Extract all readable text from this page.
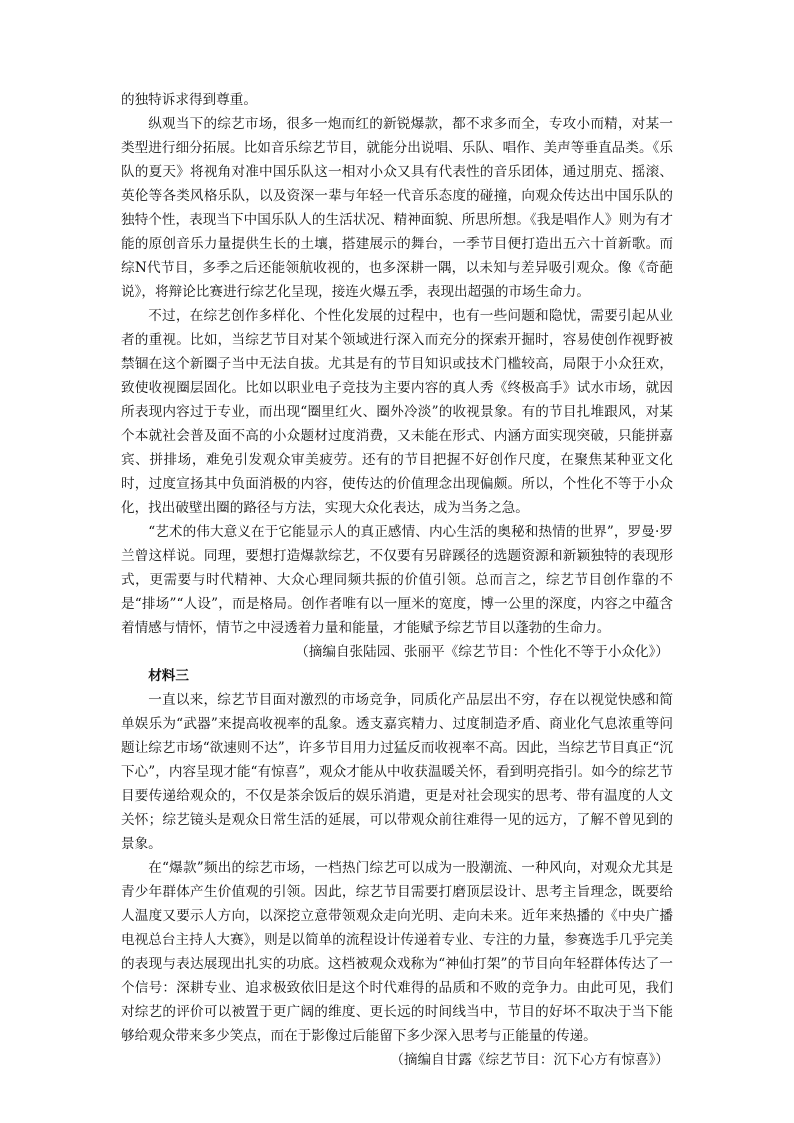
的独特诉求得到尊重。

纵观当下的综艺市场，很多一炮而红的新锐爆款，都不求多而全，专攻小而精，对某一类型进行细分拓展。比如音乐综艺节目，就能分出说唱、乐队、唱作、美声等垂直品类。《乐队的夏天》将视角对准中国乐队这一相对小众又具有代表性的音乐团体，通过朋克、摇滚、英伦等各类风格乐队，以及资深一辈与年轻一代音乐态度的碰撞，向观众传达出中国乐队的独特个性，表现当下中国乐队人的生活状况、精神面貌、所思所想。《我是唱作人》则为有才能的原创音乐力量提供生长的土壤，搭建展示的舞台，一季节目便打造出五六十首新歌。而综N代节目，多季之后还能领航收视的，也多深耕一隅，以未知与差异吸引观众。像《奇葩说》，将辩论比赛进行综艺化呈现，接连火爆五季，表现出超强的市场生命力。

不过，在综艺创作多样化、个性化发展的过程中，也有一些问题和隐忧，需要引起从业者的重视。比如，当综艺节目对某个领域进行深入而充分的探索开掘时，容易使创作视野被禁锢在这个新圈子当中无法自拔。尤其是有的节目知识或技术门槛较高，局限于小众狂欢，致使收视圈层固化。比如以职业电子竞技为主要内容的真人秀《终极高手》试水市场，就因所表现内容过于专业，而出现“圈里红火、圈外冷淡”的收视景象。有的节目扎堆跟风，对某个本就社会普及面不高的小众题材过度消费，又未能在形式、内涵方面实现突破，只能拼嘉宾、拼排场，难免引发观众审美疲劳。还有的节目把握不好创作尺度，在聚焦某种亚文化时，过度宣扬其中负面消极的内容，使传达的价值理念出现偏颇。所以，个性化不等于小众化，找出破壁出圈的路径与方法，实现大众化表达，成为当务之急。

“艺术的伟大意义在于它能显示人的真正感情、内心生活的奥秘和热情的世界”，罗曼·罗兰曾这样说。同理，要想打造爆款综艺，不仅要有另辟蹊径的选题资源和新颖独特的表现形式，更需要与时代精神、大众心理同频共振的价值引领。总而言之，综艺节目创作靠的不是“排场”“人设”，而是格局。创作者唯有以一厘米的宽度，博一公里的深度，内容之中蕴含着情感与情怀，情节之中浸透着力量和能量，才能赋予综艺节目以蓬勃的生命力。

（摘编自张陆园、张丽平《综艺节目：个性化不等于小众化》）

材料三

一直以来，综艺节目面对激烈的市场竞争，同质化产品层出不穷，存在以视觉快感和简单娱乐为“武器”来提高收视率的乱象。透支嘉宾精力、过度制造矛盾、商业化气息浓重等问题让综艺市场“欲速则不达”，许多节目用力过猛反而收视率不高。因此，当综艺节目真正“沉下心”，内容呈现才能“有惊喜”，观众才能从中收获温暖关怀，看到明亮指引。如今的综艺节目要传递给观众的，不仅是茶余饭后的娱乐消遣，更是对社会现实的思考、带有温度的人文关怀；综艺镜头是观众日常生活的延展，可以带观众前往难得一见的远方，了解不曾见到的景象。

在“爆款”频出的综艺市场，一档热门综艺可以成为一股潮流、一种风向，对观众尤其是青少年群体产生价值观的引领。因此，综艺节目需要打磨顶层设计、思考主旨理念，既要给人温度又要示人方向，以深挖立意带领观众走向光明、走向未来。近年来热播的《中央广播电视总台主持人大赛》，则是以简单的流程设计传递着专业、专注的力量，参赛选手几乎完美的表现与表达展现出扎实的功底。这档被观众戏称为“神仙打架”的节目向年轻群体传达了一个信号：深耕专业、追求极致依旧是这个时代难得的品质和不败的竞争力。由此可见，我们对综艺的评价可以被置于更广阔的维度、更长远的时间线当中，节目的好坏不取决于当下能够给观众带来多少笑点，而在于影像过后能留下多少深入思考与正能量的传递。

（摘编自甘露《综艺节目：沉下心方有惊喜》）
